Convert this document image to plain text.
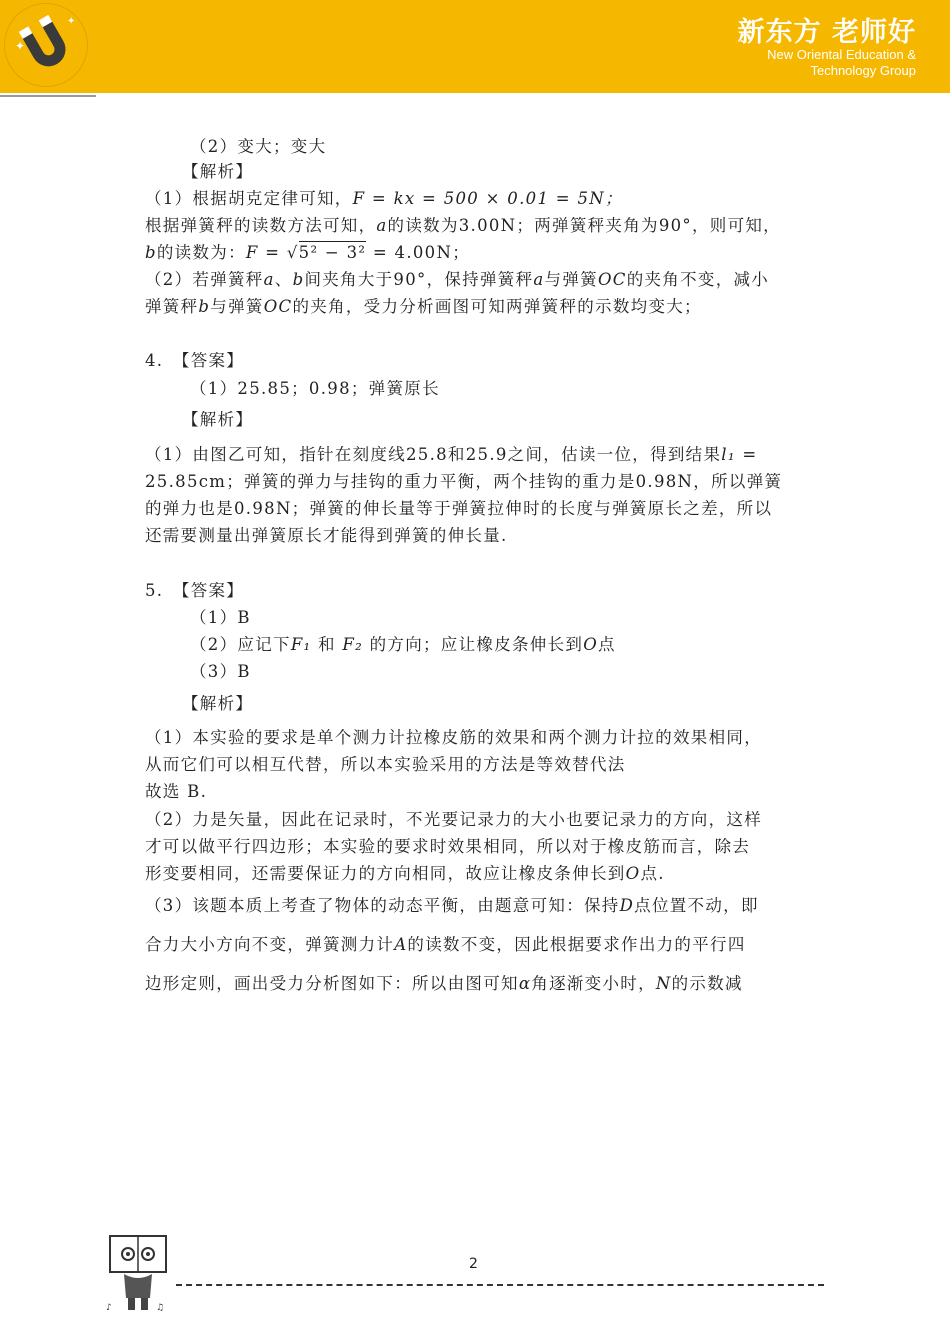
✦
✦	新东方 老师好
New Oriental Education &
Technology Group
（2）变大；变大
【解析】
（1）根据胡克定律可知，F = kx = 500 × 0.01 = 5N；
根据弹簧秤的读数方法可知，a的读数为3.00N；两弹簧秤夹角为90°，则可知，
b的读数为：F = √5² − 3² = 4.00N；
（2）若弹簧秤a、b间夹角大于90°，保持弹簧秤a与弹簧OC的夹角不变，减小
弹簧秤b与弹簧OC的夹角，受力分析画图可知两弹簧秤的示数均变大；
4.　【答案】
（1）25.85；0.98；弹簧原长
【解析】
（1）由图乙可知，指针在刻度线25.8和25.9之间，估读一位，得到结果l₁ =
25.85cm；弹簧的弹力与挂钩的重力平衡，两个挂钩的重力是0.98N，所以弹簧
的弹力也是0.98N；弹簧的伸长量等于弹簧拉伸时的长度与弹簧原长之差，所以
还需要测量出弹簧原长才能得到弹簧的伸长量.
5.　【答案】
（1）B
（2）应记下F₁ 和 F₂ 的方向；应让橡皮条伸长到O点
（3）B
【解析】
（1）本实验的要求是单个测力计拉橡皮筋的效果和两个测力计拉的效果相同，
从而它们可以相互代替，所以本实验采用的方法是等效替代法
故选 B.
（2）力是矢量，因此在记录时，不光要记录力的大小也要记录力的方向，这样
才可以做平行四边形；本实验的要求时效果相同，所以对于橡皮筋而言，除去
形变要相同，还需要保证力的方向相同，故应让橡皮条伸长到O点.
（3）该题本质上考查了物体的动态平衡，由题意可知：保持D点位置不动，即
合力大小方向不变，弹簧测力计A的读数不变，因此根据要求作出力的平行四
边形定则，画出受力分析图如下：所以由图可知α角逐渐变小时，N的示数减
♪	♫
2
